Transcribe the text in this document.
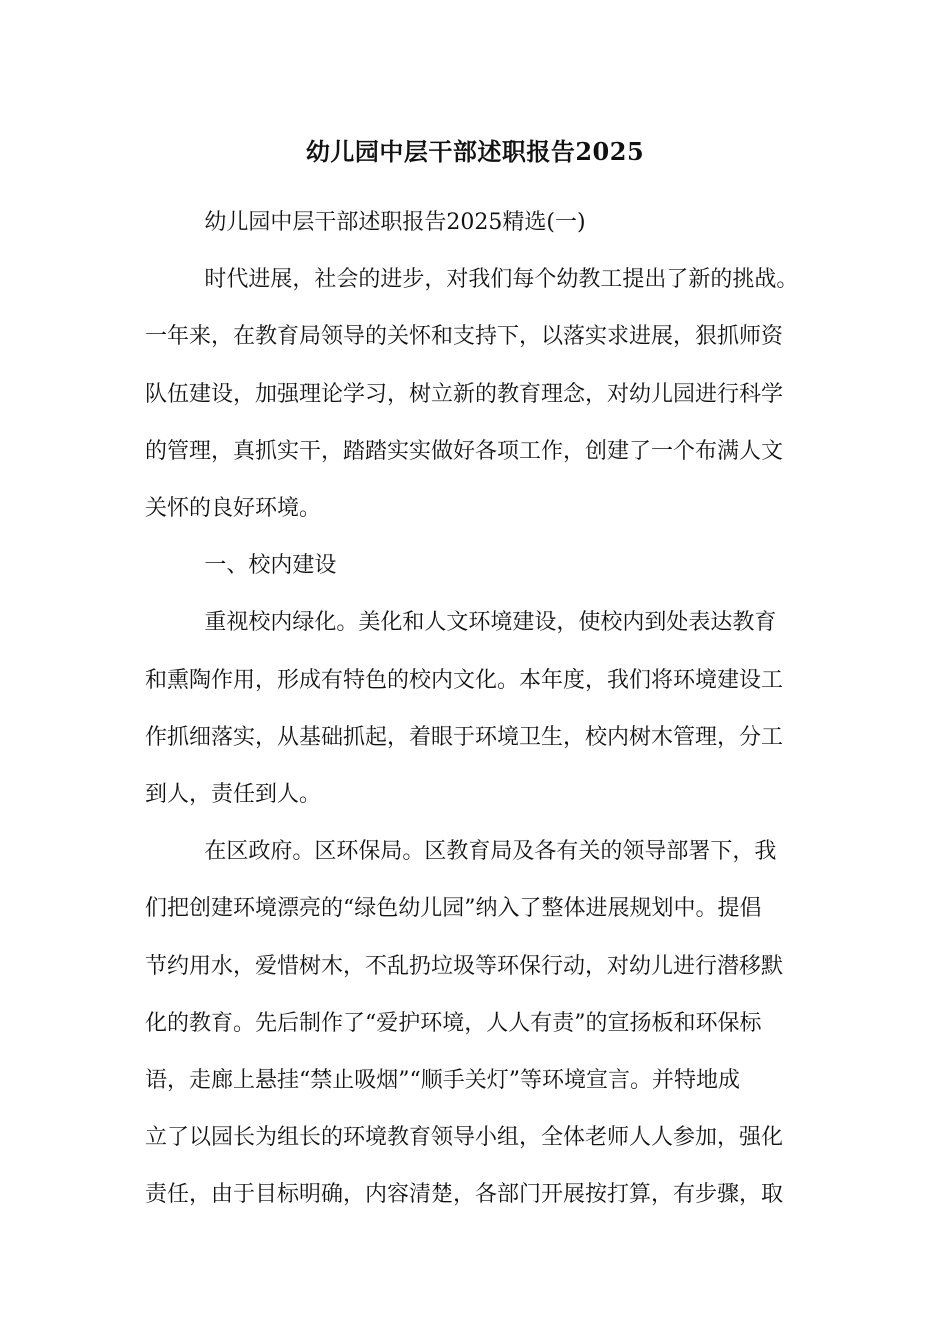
幼儿园中层干部述职报告2025

幼儿园中层干部述职报告2025精选(一)

时代进展，社会的进步，对我们每个幼教工提出了新的挑战。
一年来，在教育局领导的关怀和支持下，以落实求进展，狠抓师资
队伍建设，加强理论学习，树立新的教育理念，对幼儿园进行科学
的管理，真抓实干，踏踏实实做好各项工作，创建了一个布满人文
关怀的良好环境。

一、校内建设

重视校内绿化。美化和人文环境建设，使校内到处表达教育
和熏陶作用，形成有特色的校内文化。本年度，我们将环境建设工
作抓细落实，从基础抓起，着眼于环境卫生，校内树木管理，分工
到人，责任到人。

在区政府。区环保局。区教育局及各有关的领导部署下，我
们把创建环境漂亮的“绿色幼儿园”纳入了整体进展规划中。提倡
节约用水，爱惜树木，不乱扔垃圾等环保行动，对幼儿进行潜移默
化的教育。先后制作了“爱护环境，人人有责”的宣扬板和环保标
语，走廊上悬挂“禁止吸烟”“顺手关灯”等环境宣言。并特地成
立了以园长为组长的环境教育领导小组，全体老师人人参加，强化
责任，由于目标明确，内容清楚，各部门开展按打算，有步骤，取
